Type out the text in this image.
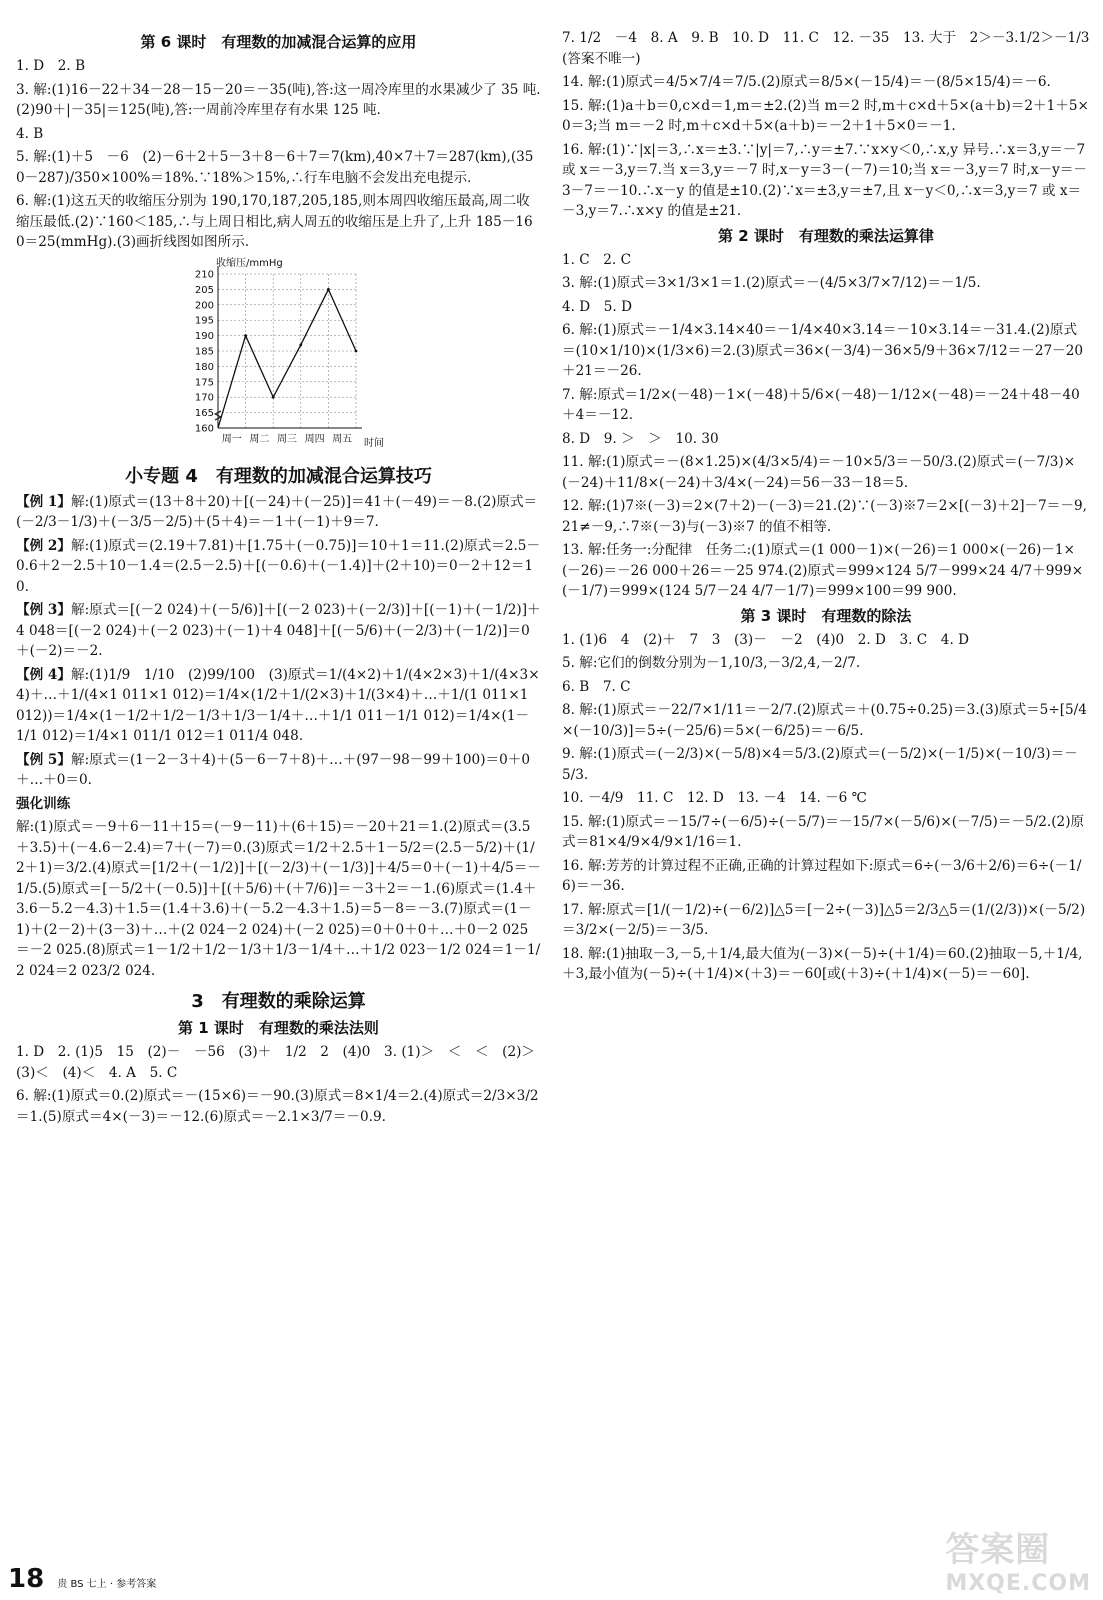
第 6 课时　有理数的加减混合运算的应用
1. D　2. B
3. 解:(1)16－22＋34－28－15－20＝－35(吨),答:这一周冷库里的水果减少了 35 吨.(2)90＋|－35|＝125(吨),答:一周前冷库里存有水果 125 吨.
4. B
5. 解:(1)＋5　－6　(2)－6＋2＋5－3＋8－6＋7＝7(km),40×7＋7＝287(km),(350－287)/350×100%＝18%.∵18%＞15%,∴行车电脑不会发出充电提示.
6. 解:(1)这五天的收缩压分别为 190,170,187,205,185,则本周四收缩压最高,周二收缩压最低.(2)∵160＜185,∴与上周日相比,病人周五的收缩压是上升了,上升 185－160＝25(mmHg).(3)画折线图如图所示.
160
165
170
175
180
185
190
195
200
205
210
周一 周二 周三 周四 周五
收缩压/mmHg
时间
小专题 4　有理数的加减混合运算技巧
【例 1】解:(1)原式＝(13＋8＋20)＋[(－24)＋(－25)]＝41＋(－49)＝－8.(2)原式＝(－2/3－1/3)＋(－3/5－2/5)＋(5＋4)＝－1＋(－1)＋9＝7.
【例 2】解:(1)原式＝(2.19＋7.81)＋[1.75＋(－0.75)]＝10＋1＝11.(2)原式＝2.5－0.6＋2－2.5＋10－1.4＝(2.5－2.5)＋[(－0.6)＋(－1.4)]＋(2＋10)＝0－2＋12＝10.
【例 3】解:原式＝[(－2 024)＋(－5/6)]＋[(－2 023)＋(－2/3)]＋[(－1)＋(－1/2)]＋4 048＝[(－2 024)＋(－2 023)＋(－1)＋4 048]＋[(－5/6)＋(－2/3)＋(－1/2)]＝0＋(－2)＝－2.
【例 4】解:(1)1/9　1/10　(2)99/100　(3)原式＝1/(4×2)＋1/(4×2×3)＋1/(4×3×4)＋…＋1/(4×1 011×1 012)＝1/4×(1/2＋1/(2×3)＋1/(3×4)＋…＋1/(1 011×1 012))＝1/4×(1－1/2＋1/2－1/3＋1/3－1/4＋…＋1/1 011－1/1 012)＝1/4×(1－1/1 012)＝1/4×1 011/1 012＝1 011/4 048.
【例 5】解:原式＝(1－2－3＋4)＋(5－6－7＋8)＋…＋(97－98－99＋100)＝0＋0＋…＋0＝0.
强化训练
解:(1)原式＝－9＋6－11＋15＝(－9－11)＋(6＋15)＝－20＋21＝1.(2)原式＝(3.5＋3.5)＋(－4.6－2.4)＝7＋(－7)＝0.(3)原式＝1/2＋2.5＋1－5/2＝(2.5－5/2)＋(1/2＋1)＝3/2.(4)原式＝[1/2＋(－1/2)]＋[(－2/3)＋(－1/3)]＋4/5＝0＋(－1)＋4/5＝－1/5.(5)原式＝[－5/2＋(－0.5)]＋[(＋5/6)＋(＋7/6)]＝－3＋2＝－1.(6)原式＝(1.4＋3.6－5.2－4.3)＋1.5＝(1.4＋3.6)＋(－5.2－4.3＋1.5)＝5－8＝－3.(7)原式＝(1－1)＋(2－2)＋(3－3)＋…＋(2 024－2 024)＋(－2 025)＝0＋0＋0＋…＋0－2 025＝－2 025.(8)原式＝1－1/2＋1/2－1/3＋1/3－1/4＋…＋1/2 023－1/2 024＝1－1/2 024＝2 023/2 024.
3　有理数的乘除运算
第 1 课时　有理数的乘法法则
1. D　2. (1)5　15　(2)－　－56　(3)＋　1/2　2　(4)0　3. (1)＞　＜　＜　(2)＞　(3)＜　(4)＜　4. A　5. C
6. 解:(1)原式＝0.(2)原式＝－(15×6)＝－90.(3)原式＝8×1/4＝2.(4)原式＝2/3×3/2＝1.(5)原式＝4×(－3)＝－12.(6)原式＝－2.1×3/7＝－0.9.
7. 1/2　－4　8. A　9. B　10. D　11. C　12. －35　13. 大于　2＞－3.1/2＞－1/3(答案不唯一)
14. 解:(1)原式＝4/5×7/4＝7/5.(2)原式＝8/5×(－15/4)＝－(8/5×15/4)＝－6.
15. 解:(1)a＋b＝0,c×d＝1,m＝±2.(2)当 m＝2 时,m＋c×d＋5×(a＋b)＝2＋1＋5×0＝3;当 m＝－2 时,m＋c×d＋5×(a＋b)＝－2＋1＋5×0＝－1.
16. 解:(1)∵|x|＝3,∴x＝±3.∵|y|＝7,∴y＝±7.∵x×y＜0,∴x,y 异号.∴x＝3,y＝－7 或 x＝－3,y＝7.当 x＝3,y＝－7 时,x－y＝3－(－7)＝10;当 x＝－3,y＝7 时,x－y＝－3－7＝－10.∴x－y 的值是±10.(2)∵x＝±3,y＝±7,且 x－y＜0,∴x＝3,y＝7 或 x＝－3,y＝7.∴x×y 的值是±21.
第 2 课时　有理数的乘法运算律
1. C　2. C
3. 解:(1)原式＝3×1/3×1＝1.(2)原式＝－(4/5×3/7×7/12)＝－1/5.
4. D　5. D
6. 解:(1)原式＝－1/4×3.14×40＝－1/4×40×3.14＝－10×3.14＝－31.4.(2)原式＝(10×1/10)×(1/3×6)＝2.(3)原式＝36×(－3/4)－36×5/9＋36×7/12＝－27－20＋21＝－26.
7. 解:原式＝1/2×(－48)－1×(－48)＋5/6×(－48)－1/12×(－48)＝－24＋48－40＋4＝－12.
8. D　9. ＞　＞　10. 30
11. 解:(1)原式＝－(8×1.25)×(4/3×5/4)＝－10×5/3＝－50/3.(2)原式＝(－7/3)×(－24)＋11/8×(－24)＋3/4×(－24)＝56－33－18＝5.
12. 解:(1)7※(－3)＝2×(7＋2)－(－3)＝21.(2)∵(－3)※7＝2×[(－3)＋2]－7＝－9,21≠－9,∴7※(－3)与(－3)※7 的值不相等.
13. 解:任务一:分配律　任务二:(1)原式＝(1 000－1)×(－26)＝1 000×(－26)－1×(－26)＝－26 000＋26＝－25 974.(2)原式＝999×124 5/7－999×24 4/7＋999×(－1/7)＝999×(124 5/7－24 4/7－1/7)＝999×100＝99 900.
第 3 课时　有理数的除法
1. (1)6　4　(2)＋　7　3　(3)－　－2　(4)0　2. D　3. C　4. D
5. 解:它们的倒数分别为－1,10/3,－3/2,4,－2/7.
6. B　7. C
8. 解:(1)原式＝－22/7×1/11＝－2/7.(2)原式＝＋(0.75÷0.25)＝3.(3)原式＝5÷[5/4×(－10/3)]＝5÷(－25/6)＝5×(－6/25)＝－6/5.
9. 解:(1)原式＝(－2/3)×(－5/8)×4＝5/3.(2)原式＝(－5/2)×(－1/5)×(－10/3)＝－5/3.
10. －4/9　11. C　12. D　13. －4　14. －6 ℃
15. 解:(1)原式＝－15/7÷(－6/5)÷(－5/7)＝－15/7×(－5/6)×(－7/5)＝－5/2.(2)原式＝81×4/9×4/9×1/16＝1.
16. 解:芳芳的计算过程不正确,正确的计算过程如下:原式＝6÷(－3/6＋2/6)＝6÷(－1/6)＝－36.
17. 解:原式＝[1/(－1/2)÷(－6/2)]△5＝[－2÷(－3)]△5＝2/3△5＝(1/(2/3))×(－5/2)＝3/2×(－2/5)＝－3/5.
18. 解:(1)抽取－3,－5,＋1/4,最大值为(－3)×(－5)÷(＋1/4)＝60.(2)抽取－5,＋1/4,＋3,最小值为(－5)÷(＋1/4)×(＋3)＝－60[或(＋3)÷(＋1/4)×(－5)＝－60].
18 贵 BS 七上 · 参考答案
答案圈
MXQE.COM
